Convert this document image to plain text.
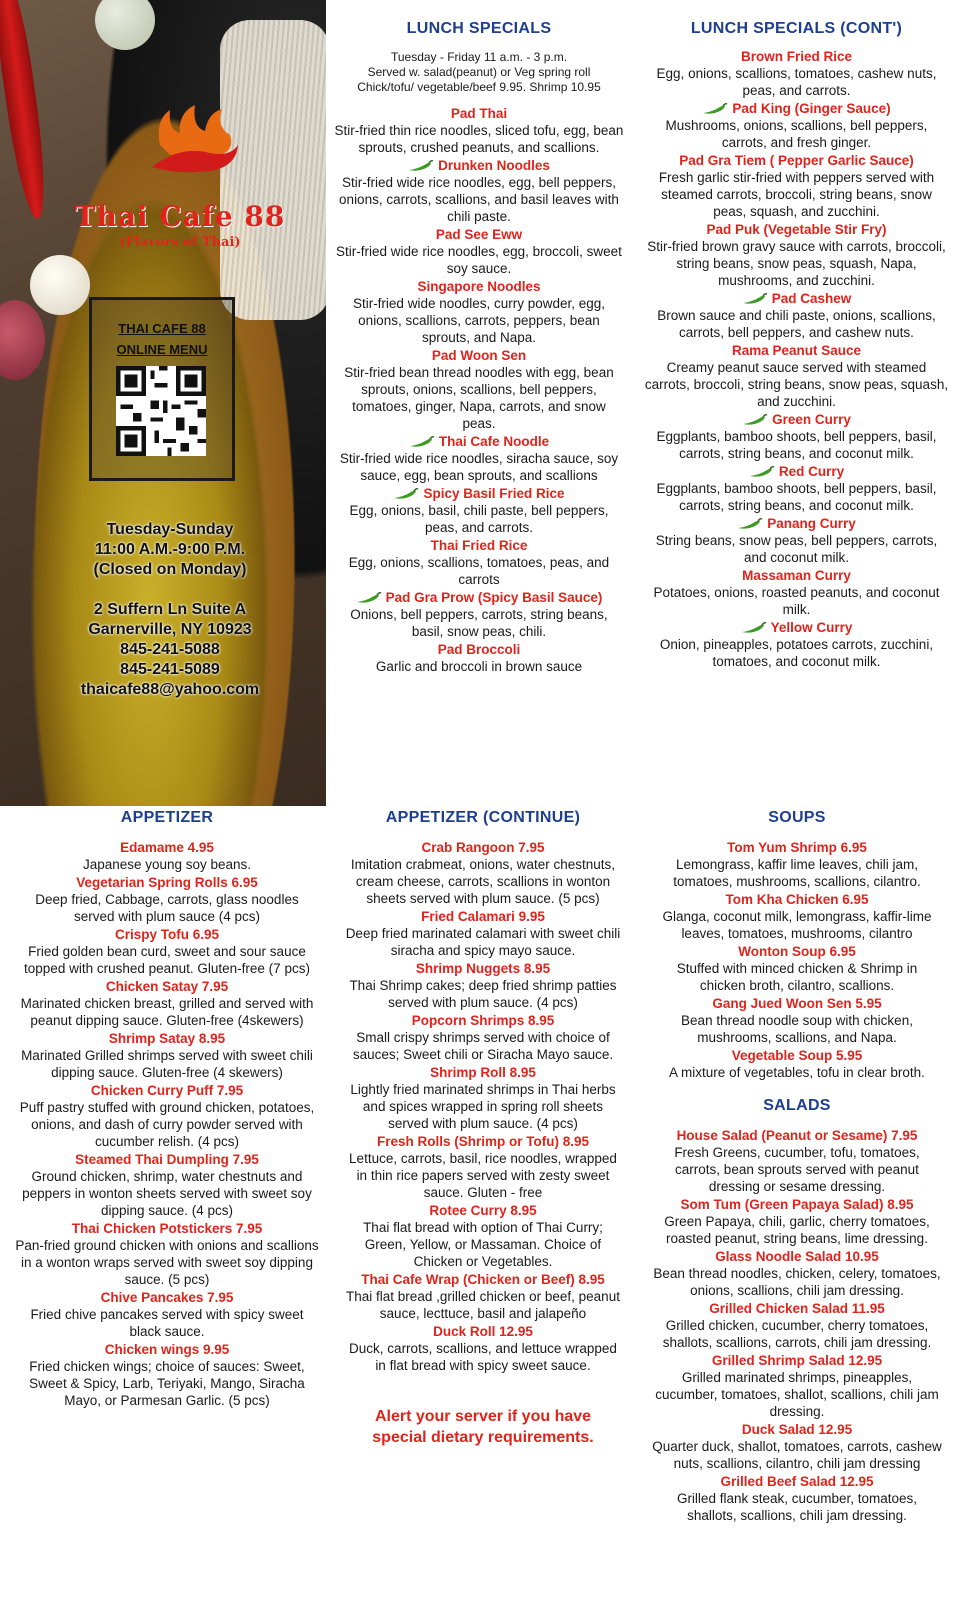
Thai Cafe 88
(Flavors of Thai)
THAI CAFE 88
ONLINE MENU
Tuesday-Sunday
11:00 A.M.-9:00 P.M.
(Closed on Monday)
2 Suffern Ln Suite A
Garnerville, NY 10923
845-241-5088
845-241-5089
thaicafe88@yahoo.com
LUNCH SPECIALS
Tuesday - Friday 11 a.m. - 3 p.m.
Served w. salad(peanut) or Veg spring roll
Chick/tofu/ vegetable/beef 9.95. Shrimp 10.95
Pad Thai
Stir-fried thin rice noodles, sliced tofu, egg, bean sprouts, crushed peanuts, and scallions.
Drunken Noodles
Stir-fried wide rice noodles, egg, bell peppers, onions, carrots, scallions, and basil leaves with chili paste.
Pad See Eww
Stir-fried wide rice noodles, egg, broccoli, sweet soy sauce.
Singapore Noodles
Stir-fried wide noodles, curry powder, egg, onions, scallions, carrots, peppers, bean sprouts, and Napa.
Pad Woon Sen
Stir-fried bean thread noodles with egg, bean sprouts, onions, scallions, bell peppers, tomatoes, ginger, Napa, carrots, and snow peas.
Thai Cafe Noodle
Stir-fried wide rice noodles, siracha sauce, soy sauce, egg, bean sprouts, and scallions
Spicy Basil Fried Rice
Egg, onions, basil, chili paste, bell peppers, peas, and carrots.
Thai Fried Rice
Egg, onions, scallions, tomatoes, peas, and carrots
Pad Gra Prow (Spicy Basil Sauce)
Onions, bell peppers, carrots, string beans, basil, snow peas, chili.
Pad Broccoli
Garlic and broccoli in brown sauce
LUNCH SPECIALS (CONT')
Brown Fried Rice
Egg, onions, scallions, tomatoes, cashew nuts, peas, and carrots.
Pad King (Ginger Sauce)
Mushrooms, onions, scallions, bell peppers, carrots, and fresh ginger.
Pad Gra Tiem ( Pepper Garlic Sauce)
Fresh garlic stir-fried with peppers served with steamed carrots, broccoli, string beans, snow peas, squash, and zucchini.
Pad Puk (Vegetable Stir Fry)
Stir-fried brown gravy sauce with carrots, broccoli, string beans, snow peas, squash, Napa, mushrooms, and zucchini.
Pad Cashew
Brown sauce and chili paste, onions, scallions, carrots, bell peppers, and cashew nuts.
Rama Peanut Sauce
Creamy peanut sauce served with steamed carrots, broccoli, string beans, snow peas, squash, and zucchini.
Green Curry
Eggplants, bamboo shoots, bell peppers, basil, carrots, string beans, and coconut milk.
Red Curry
Eggplants, bamboo shoots, bell peppers, basil, carrots, string beans, and coconut milk.
Panang Curry
String beans, snow peas, bell peppers, carrots, and coconut milk.
Massaman Curry
Potatoes, onions, roasted peanuts, and coconut milk.
Yellow Curry
Onion, pineapples, potatoes carrots, zucchini, tomatoes, and coconut milk.
APPETIZER
Edamame 4.95
Japanese young soy beans.
Vegetarian Spring Rolls 6.95
Deep fried, Cabbage, carrots, glass noodles served with plum sauce (4 pcs)
Crispy Tofu 6.95
Fried golden bean curd, sweet and sour sauce topped with crushed peanut. Gluten-free (7 pcs)
Chicken Satay 7.95
Marinated chicken breast, grilled and served with peanut dipping sauce. Gluten-free (4skewers)
Shrimp Satay 8.95
Marinated Grilled shrimps served with sweet chili dipping sauce. Gluten-free (4 skewers)
Chicken Curry Puff 7.95
Puff pastry stuffed with ground chicken, potatoes, onions, and dash of curry powder served with cucumber relish. (4 pcs)
Steamed Thai Dumpling 7.95
Ground chicken, shrimp, water chestnuts and peppers in wonton sheets served with sweet soy dipping sauce. (4 pcs)
Thai Chicken Potstickers 7.95
Pan-fried ground chicken with onions and scallions in a wonton wraps served with sweet soy dipping sauce. (5 pcs)
Chive Pancakes 7.95
Fried chive pancakes served with spicy sweet black sauce.
Chicken wings 9.95
Fried chicken wings; choice of sauces: Sweet, Sweet & Spicy, Larb, Teriyaki, Mango, Siracha Mayo, or Parmesan Garlic. (5 pcs)
APPETIZER (CONTINUE)
Crab Rangoon 7.95
Imitation crabmeat, onions, water chestnuts, cream cheese, carrots, scallions in wonton sheets served with plum sauce. (5 pcs)
Fried Calamari 9.95
Deep fried marinated calamari with sweet chili siracha and spicy mayo sauce.
Shrimp Nuggets 8.95
Thai Shrimp cakes; deep fried shrimp patties served with plum sauce. (4 pcs)
Popcorn Shrimps 8.95
Small crispy shrimps served with choice of sauces; Sweet chili or Siracha Mayo sauce.
Shrimp Roll 8.95
Lightly fried marinated shrimps in Thai herbs and spices wrapped in spring roll sheets served with plum sauce. (4 pcs)
Fresh Rolls (Shrimp or Tofu) 8.95
Lettuce, carrots, basil, rice noodles, wrapped in thin rice papers served with zesty sweet sauce. Gluten - free
Rotee Curry 8.95
Thai flat bread with option of Thai Curry; Green, Yellow, or Massaman. Choice of Chicken or Vegetables.
Thai Cafe Wrap (Chicken or Beef) 8.95
Thai flat bread ,grilled chicken or beef, peanut sauce, lecttuce, basil and jalapeño
Duck Roll 12.95
Duck, carrots, scallions, and lettuce wrapped in flat bread with spicy sweet sauce.
Alert your server if you have
special dietary requirements.
SOUPS
Tom Yum Shrimp 6.95
Lemongrass, kaffir lime leaves, chili jam, tomatoes, mushrooms, scallions, cilantro.
Tom Kha Chicken 6.95
Glanga, coconut milk, lemongrass, kaffir-lime leaves, tomatoes, mushrooms, cilantro
Wonton Soup 6.95
Stuffed with minced chicken & Shrimp in chicken broth, cilantro, scallions.
Gang Jued Woon Sen 5.95
Bean thread noodle soup with chicken, mushrooms, scallions, and Napa.
Vegetable Soup 5.95
A mixture of vegetables, tofu in clear broth.
SALADS
House Salad (Peanut or Sesame) 7.95
Fresh Greens, cucumber, tofu, tomatoes, carrots, bean sprouts served with peanut dressing or sesame dressing.
Som Tum (Green Papaya Salad) 8.95
Green Papaya, chili, garlic, cherry tomatoes, roasted peanut, string beans, lime dressing.
Glass Noodle Salad 10.95
Bean thread noodles, chicken, celery, tomatoes, onions, scallions, chili jam dressing.
Grilled Chicken Salad 11.95
Grilled chicken, cucumber, cherry tomatoes, shallots, scallions, carrots, chili jam dressing.
Grilled Shrimp Salad 12.95
Grilled marinated shrimps, pineapples, cucumber, tomatoes, shallot, scallions, chili jam dressing.
Duck Salad 12.95
Quarter duck, shallot, tomatoes, carrots, cashew nuts, scallions, cilantro, chili jam dressing
Grilled Beef Salad 12.95
Grilled flank steak, cucumber, tomatoes, shallots, scallions, chili jam dressing.
